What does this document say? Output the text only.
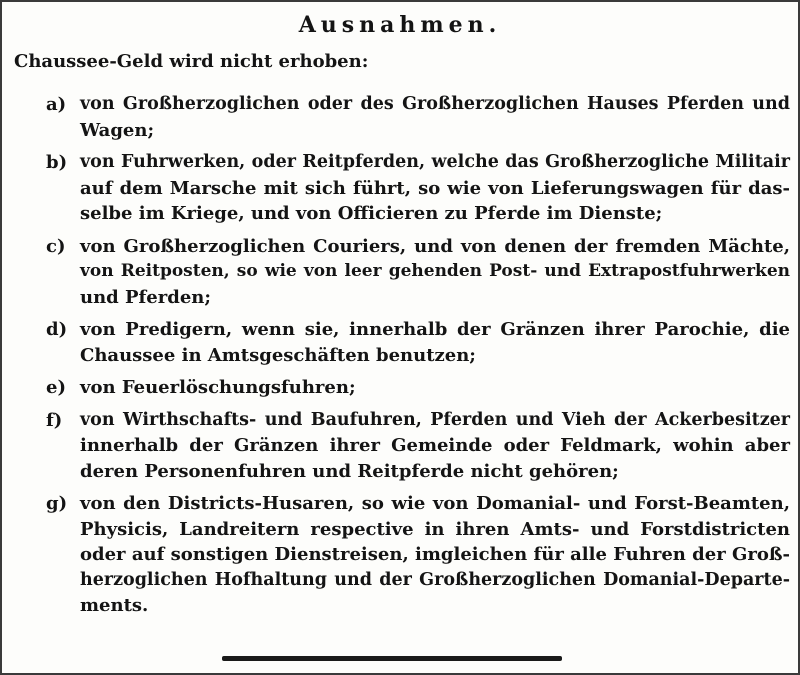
Ausnahmen.
Chaussee-Geld wird nicht erhoben:
a) von Großherzoglichen oder des Großherzoglichen Hauses Pferden und
Wagen;
b) von Fuhrwerken, oder Reitpferden, welche das Großherzogliche Militair
auf dem Marsche mit sich führt, so wie von Lieferungswagen für das-
selbe im Kriege, und von Officieren zu Pferde im Dienste;
c) von Großherzoglichen Couriers, und von denen der fremden Mächte,
von Reitposten, so wie von leer gehenden Post- und Extrapostfuhrwerken
und Pferden;
d) von Predigern, wenn sie, innerhalb der Gränzen ihrer Parochie, die
Chaussee in Amtsgeschäften benutzen;
e) von Feuerlöschungsfuhren;
f) von Wirthschafts- und Baufuhren, Pferden und Vieh der Ackerbesitzer
innerhalb der Gränzen ihrer Gemeinde oder Feldmark, wohin aber
deren Personenfuhren und Reitpferde nicht gehören;
g) von den Districts-Husaren, so wie von Domanial- und Forst-Beamten,
Physicis, Landreitern respective in ihren Amts- und Forstdistricten
oder auf sonstigen Dienstreisen, imgleichen für alle Fuhren der Groß-
herzoglichen Hofhaltung und der Großherzoglichen Domanial-Departe-
ments.
